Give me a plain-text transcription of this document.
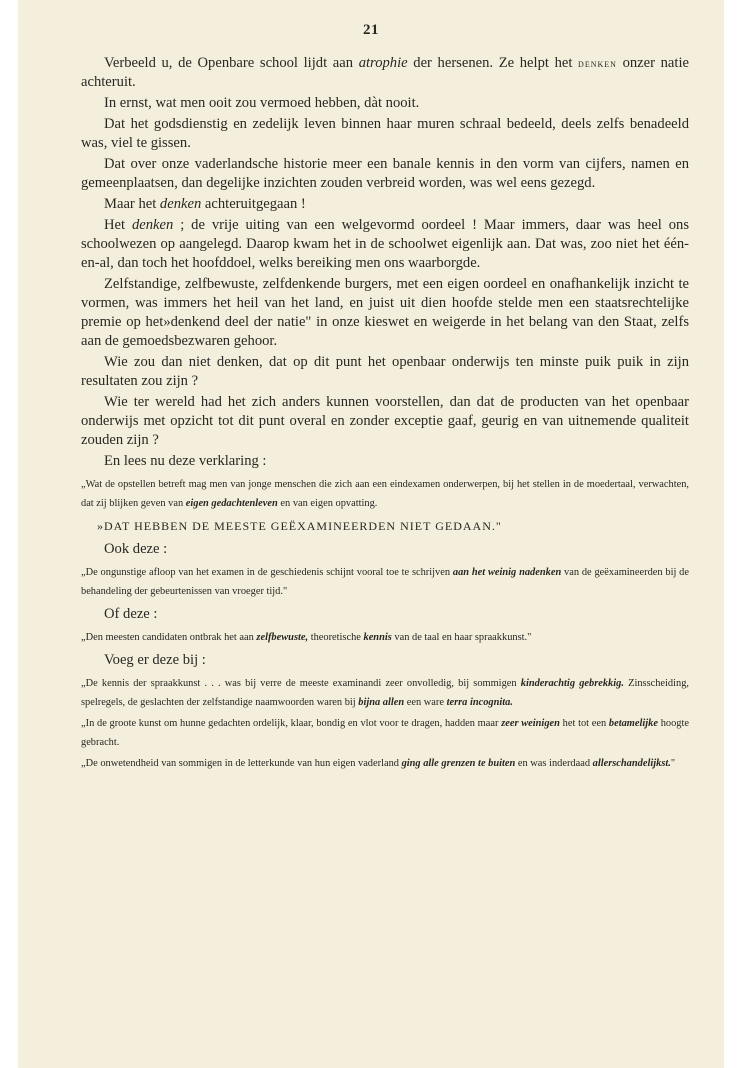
21

Verbeeld u, de Openbare school lijdt aan atrophie der hersenen. Ze helpt het denken onzer natie achteruit.

In ernst, wat men ooit zou vermoed hebben, dàt nooit.

Dat het godsdienstig en zedelijk leven binnen haar muren schraal bedeeld, deels zelfs benadeeld was, viel te gissen.

Dat over onze vaderlandsche historie meer een banale kennis in den vorm van cijfers, namen en gemeenplaatsen, dan degelijke inzichten zouden verbreid worden, was wel eens gezegd.

Maar het denken achteruitgegaan !

Het denken ; de vrije uiting van een welgevormd oordeel ! Maar immers, daar was heel ons schoolwezen op aangelegd. Daarop kwam het in de schoolwet eigenlijk aan. Dat was, zoo niet het één-en-al, dan toch het hoofddoel, welks bereiking men ons waarborgde.

Zelfstandige, zelfbewuste, zelfdenkende burgers, met een eigen oordeel en onafhankelijk inzicht te vormen, was immers het heil van het land, en juist uit dien hoofde stelde men een staatsrechtelijke premie op het»denkend deel der natie" in onze kieswet en weigerde in het belang van den Staat, zelfs aan de gemoedsbezwaren gehoor.

Wie zou dan niet denken, dat op dit punt het openbaar onderwijs ten minste puik puik in zijn resultaten zou zijn ?

Wie ter wereld had het zich anders kunnen voorstellen, dan dat de producten van het openbaar onderwijs met opzicht tot dit punt overal en zonder exceptie gaaf, geurig en van uitnemende qualiteit zouden zijn ?

En lees nu deze verklaring :

„Wat de opstellen betreft mag men van jonge menschen die zich aan een eindexamen onderwerpen, bij het stellen in de moedertaal, verwachten, dat zij blijken geven van eigen gedachtenleven en van eigen opvatting.

»DAT HEBBEN DE MEESTE GEËXAMINEERDEN NIET GEDAAN."
Ook deze :

„De ongunstige afloop van het examen in de geschiedenis schijnt vooral toe te schrijven aan het weinig nadenken van de geëxamineerden bij de behandeling der gebeurtenissen van vroeger tijd."

Of deze :

„Den meesten candidaten ontbrak het aan zelfbewuste, theoretische kennis van de taal en haar spraakkunst."

Voeg er deze bij :

„De kennis der spraakkunst . . . was bij verre de meeste examinandi zeer onvolledig, bij sommigen kinderachtig gebrekkig. Zinsscheiding, spelregels, de geslachten der zelfstandige naamwoorden waren bij bijna allen een ware terra incognita.

„In de groote kunst om hunne gedachten ordelijk, klaar, bondig en vlot voor te dragen, hadden maar zeer weinigen het tot een betamelijke hoogte gebracht.

„De onwetendheid van sommigen in de letterkunde van hun eigen vaderland ging alle grenzen te buiten en was inderdaad allerschandelijkst."
